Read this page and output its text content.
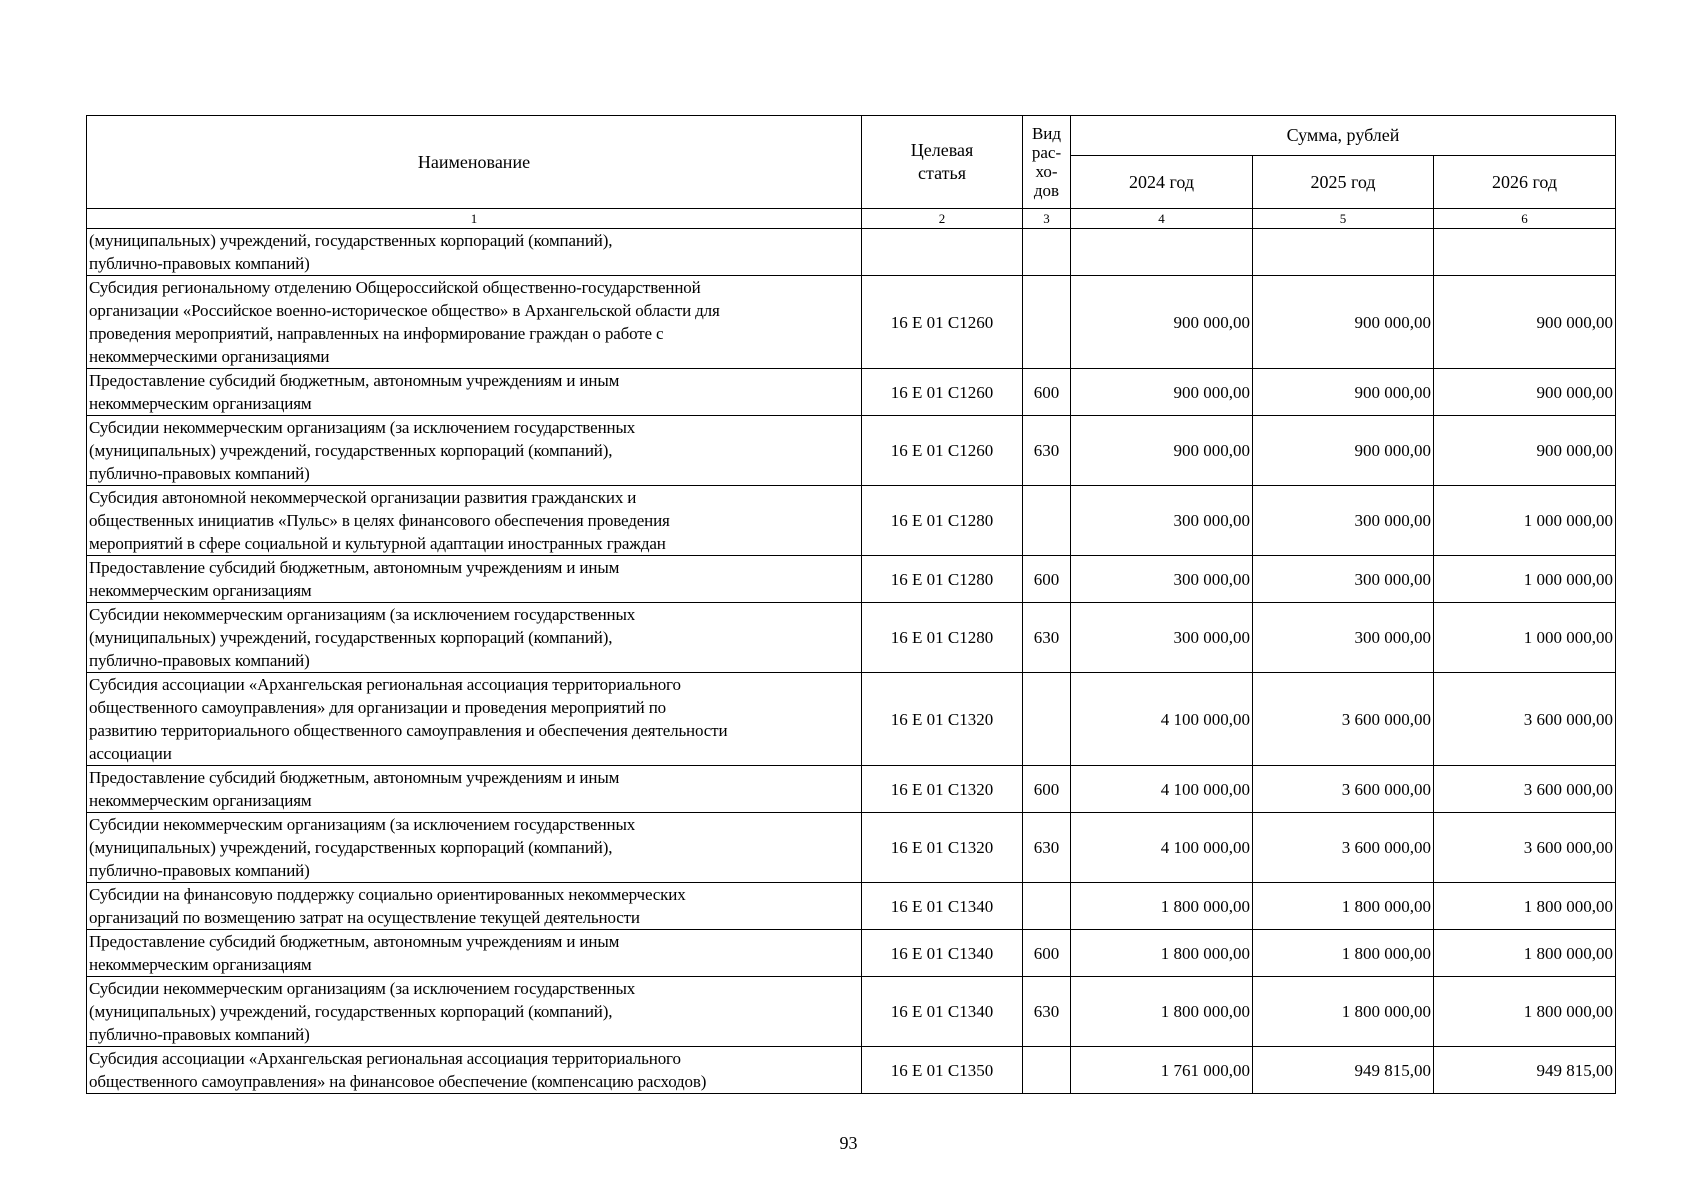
Наименование	Целевая статья	Вид
рас-
хо-
дов	Сумма, рублей		
			2024 год	2025 год	2026 год
1	2	3	4	5	6

(муниципальных) учреждений, государственных корпораций (компаний),
публично-правовых компаний)					

Субсидия региональному отделению Общероссийской общественно-государственной
организации «Российское военно-историческое общество» в Архангельской области для
проведения мероприятий, направленных на информирование граждан о работе с
некоммерческими организациями	16 Е 01 С1260		900 000,00	900 000,00	900 000,00

Предоставление субсидий бюджетным, автономным учреждениям и иным
некоммерческим организациям	16 Е 01 С1260	600	900 000,00	900 000,00	900 000,00

Субсидии некоммерческим организациям (за исключением государственных
(муниципальных) учреждений, государственных корпораций (компаний),
публично-правовых компаний)	16 Е 01 С1260	630	900 000,00	900 000,00	900 000,00

Субсидия автономной некоммерческой организации развития гражданских и
общественных инициатив «Пульс» в целях финансового обеспечения проведения
мероприятий в сфере социальной и культурной адаптации иностранных граждан	16 Е 01 С1280		300 000,00	300 000,00	1 000 000,00

Предоставление субсидий бюджетным, автономным учреждениям и иным
некоммерческим организациям	16 Е 01 С1280	600	300 000,00	300 000,00	1 000 000,00

Субсидии некоммерческим организациям (за исключением государственных
(муниципальных) учреждений, государственных корпораций (компаний),
публично-правовых компаний)	16 Е 01 С1280	630	300 000,00	300 000,00	1 000 000,00

Субсидия ассоциации «Архангельская региональная ассоциация территориального
общественного самоуправления» для организации и проведения мероприятий по
развитию территориального общественного самоуправления и обеспечения деятельности
ассоциации	16 Е 01 С1320		4 100 000,00	3 600 000,00	3 600 000,00

Предоставление субсидий бюджетным, автономным учреждениям и иным
некоммерческим организациям	16 Е 01 С1320	600	4 100 000,00	3 600 000,00	3 600 000,00

Субсидии некоммерческим организациям (за исключением государственных
(муниципальных) учреждений, государственных корпораций (компаний),
публично-правовых компаний)	16 Е 01 С1320	630	4 100 000,00	3 600 000,00	3 600 000,00

Субсидии на финансовую поддержку социально ориентированных некоммерческих
организаций по возмещению затрат на осуществление текущей деятельности	16 Е 01 С1340		1 800 000,00	1 800 000,00	1 800 000,00

Предоставление субсидий бюджетным, автономным учреждениям и иным
некоммерческим организациям	16 Е 01 С1340	600	1 800 000,00	1 800 000,00	1 800 000,00

Субсидии некоммерческим организациям (за исключением государственных
(муниципальных) учреждений, государственных корпораций (компаний),
публично-правовых компаний)	16 Е 01 С1340	630	1 800 000,00	1 800 000,00	1 800 000,00

Субсидия ассоциации «Архангельская региональная ассоциация территориального
общественного самоуправления» на финансовое обеспечение (компенсацию расходов)	16 Е 01 С1350		1 761 000,00	949 815,00	949 815,00
93
